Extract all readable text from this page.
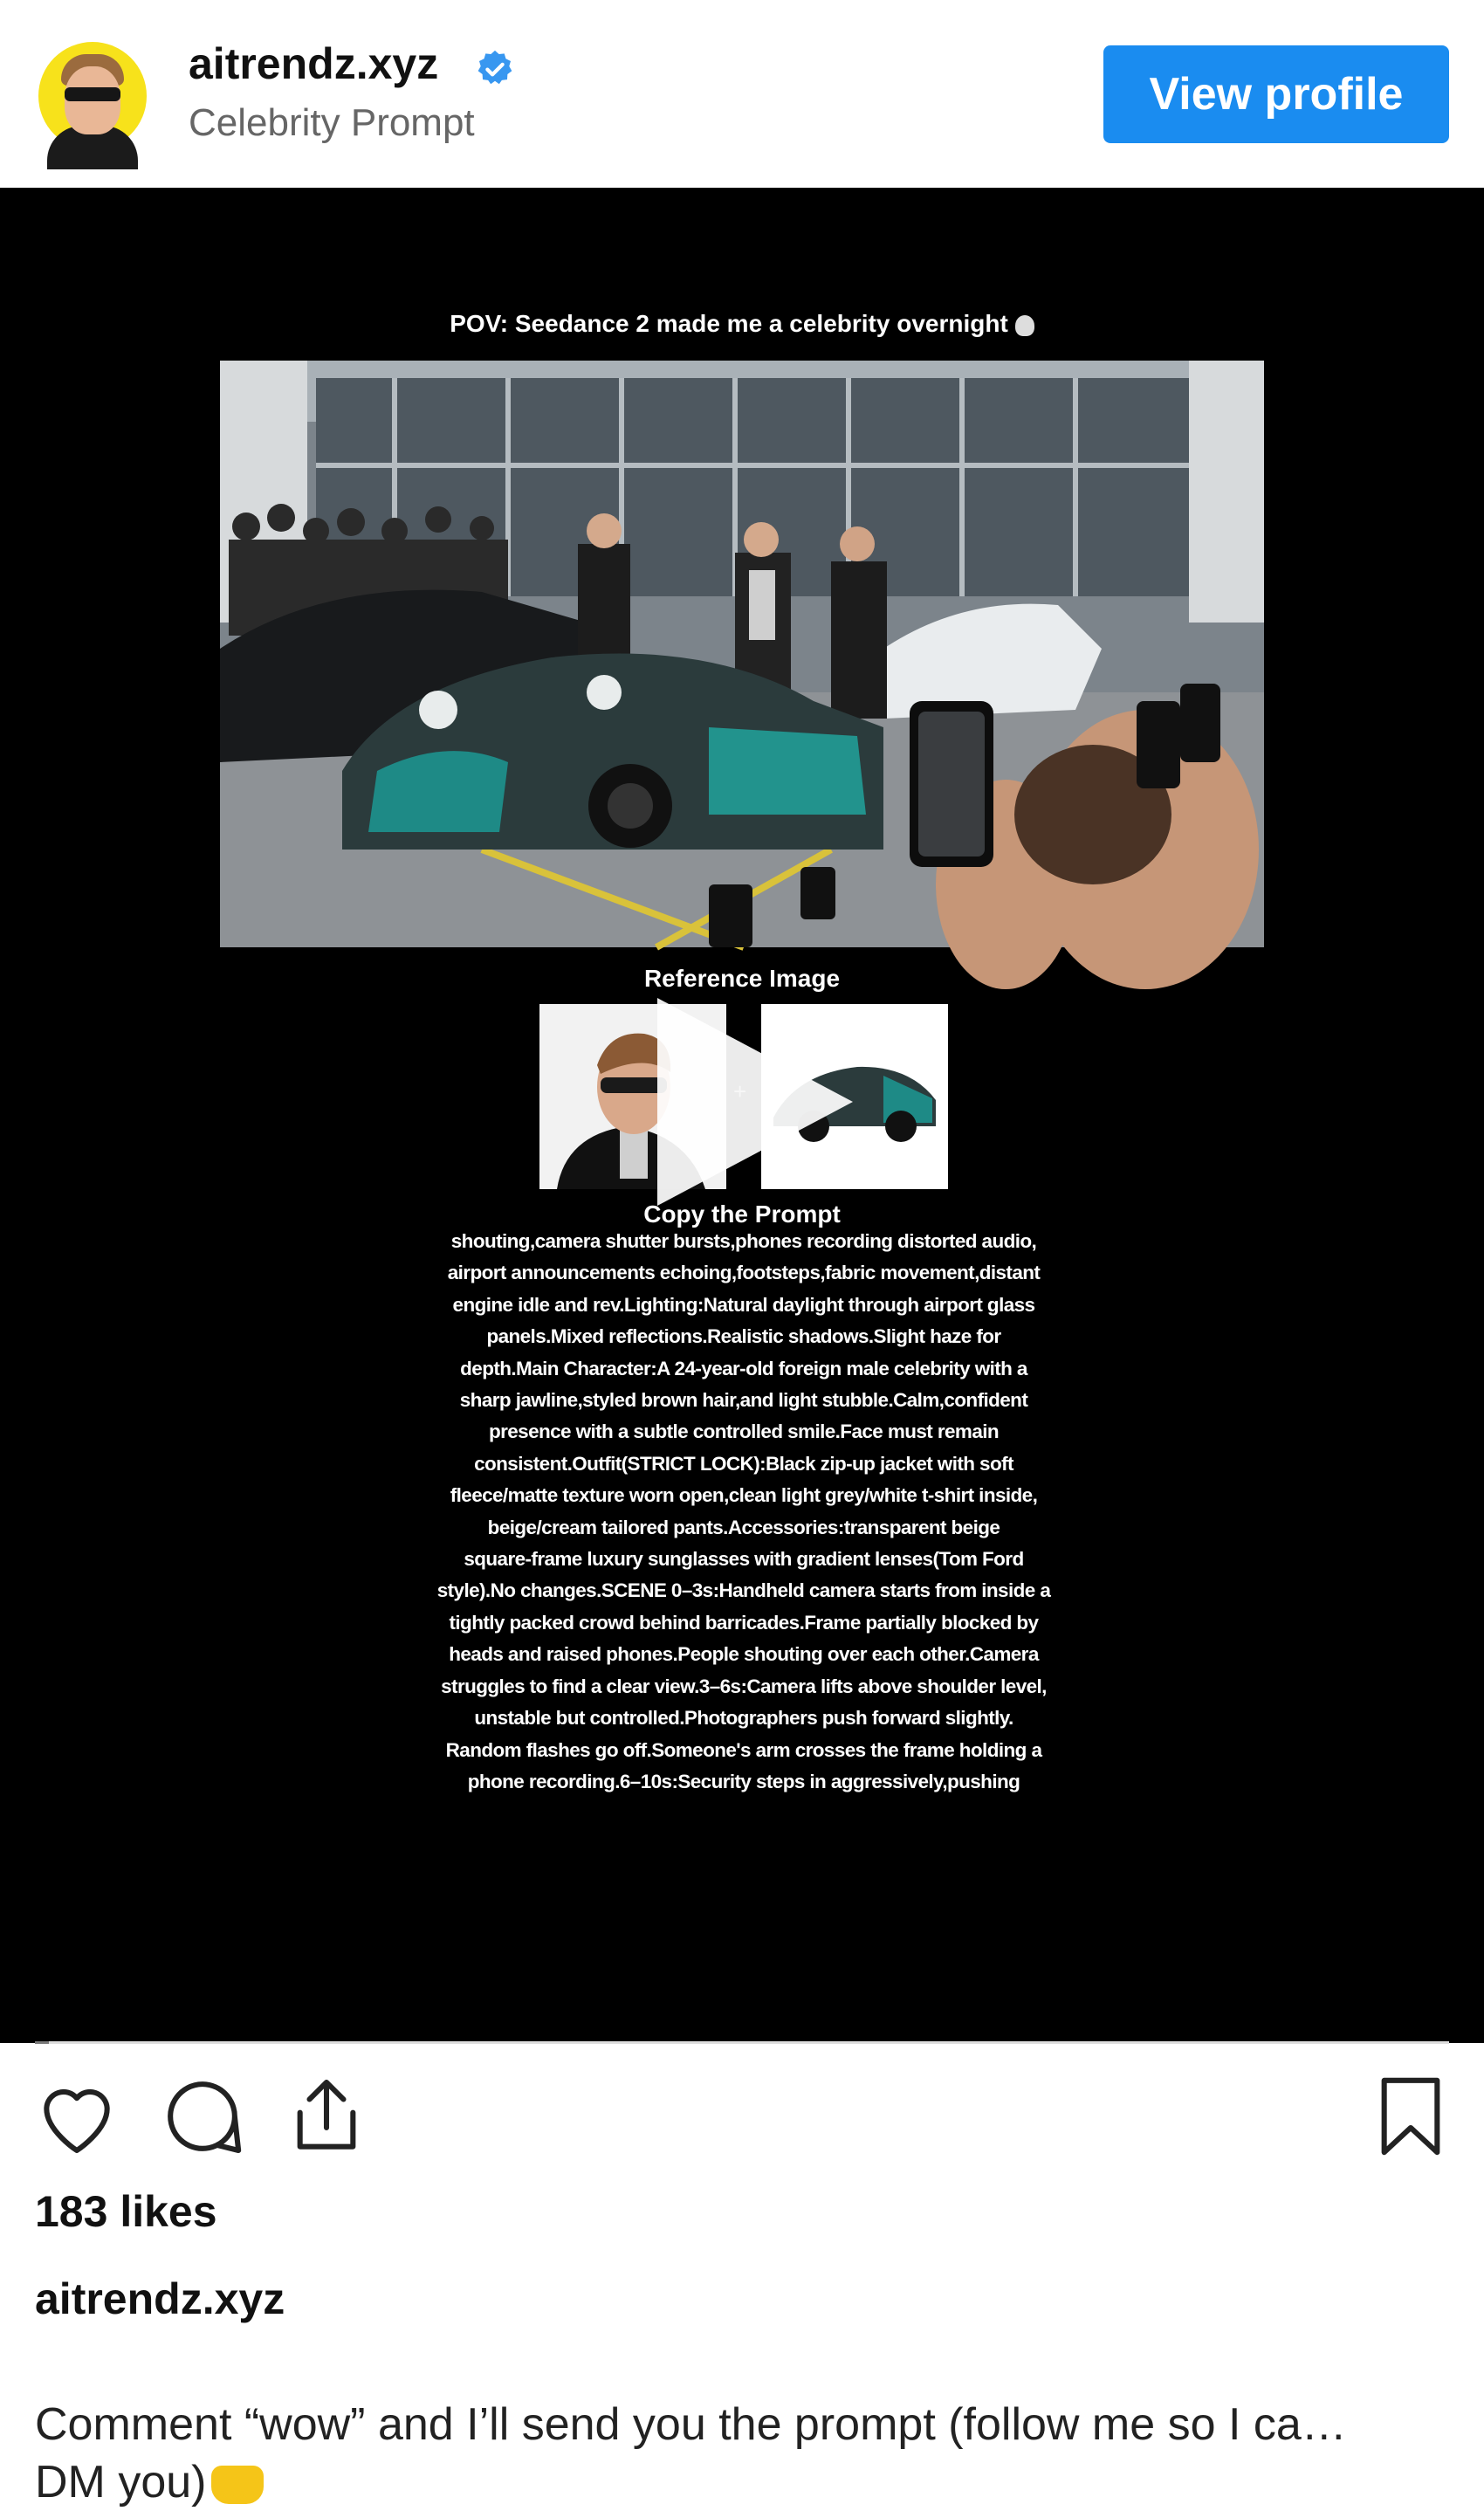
aitrendz.xyz
Celebrity Prompt
View profile
POV: Seedance 2 made me a celebrity overnight
Reference Image
Copy the Prompt
shouting,camera shutter bursts,phones recording distorted audio,
airport announcements echoing,footsteps,fabric movement,distant
engine idle and rev.Lighting:Natural daylight through airport glass
panels.Mixed reflections.Realistic shadows.Slight haze for
depth.Main Character:A 24-year-old foreign male celebrity with a
sharp jawline,styled brown hair,and light stubble.Calm,confident
presence with a subtle controlled smile.Face must remain
consistent.Outfit(STRICT LOCK):Black zip-up jacket with soft
fleece/matte texture worn open,clean light grey/white t-shirt inside,
beige/cream tailored pants.Accessories:transparent beige
square-frame luxury sunglasses with gradient lenses(Tom Ford
style).No changes.SCENE 0–3s:Handheld camera starts from inside a
tightly packed crowd behind barricades.Frame partially blocked by
heads and raised phones.People shouting over each other.Camera
struggles to find a clear view.3–6s:Camera lifts above shoulder level,
unstable but controlled.Photographers push forward slightly.
Random flashes go off.Someone's arm crosses the frame holding a
phone recording.6–10s:Security steps in aggressively,pushing
183 likes
aitrendz.xyz
Comment “wow” and I’ll send you the prompt (follow me so I ca…
DM you)
